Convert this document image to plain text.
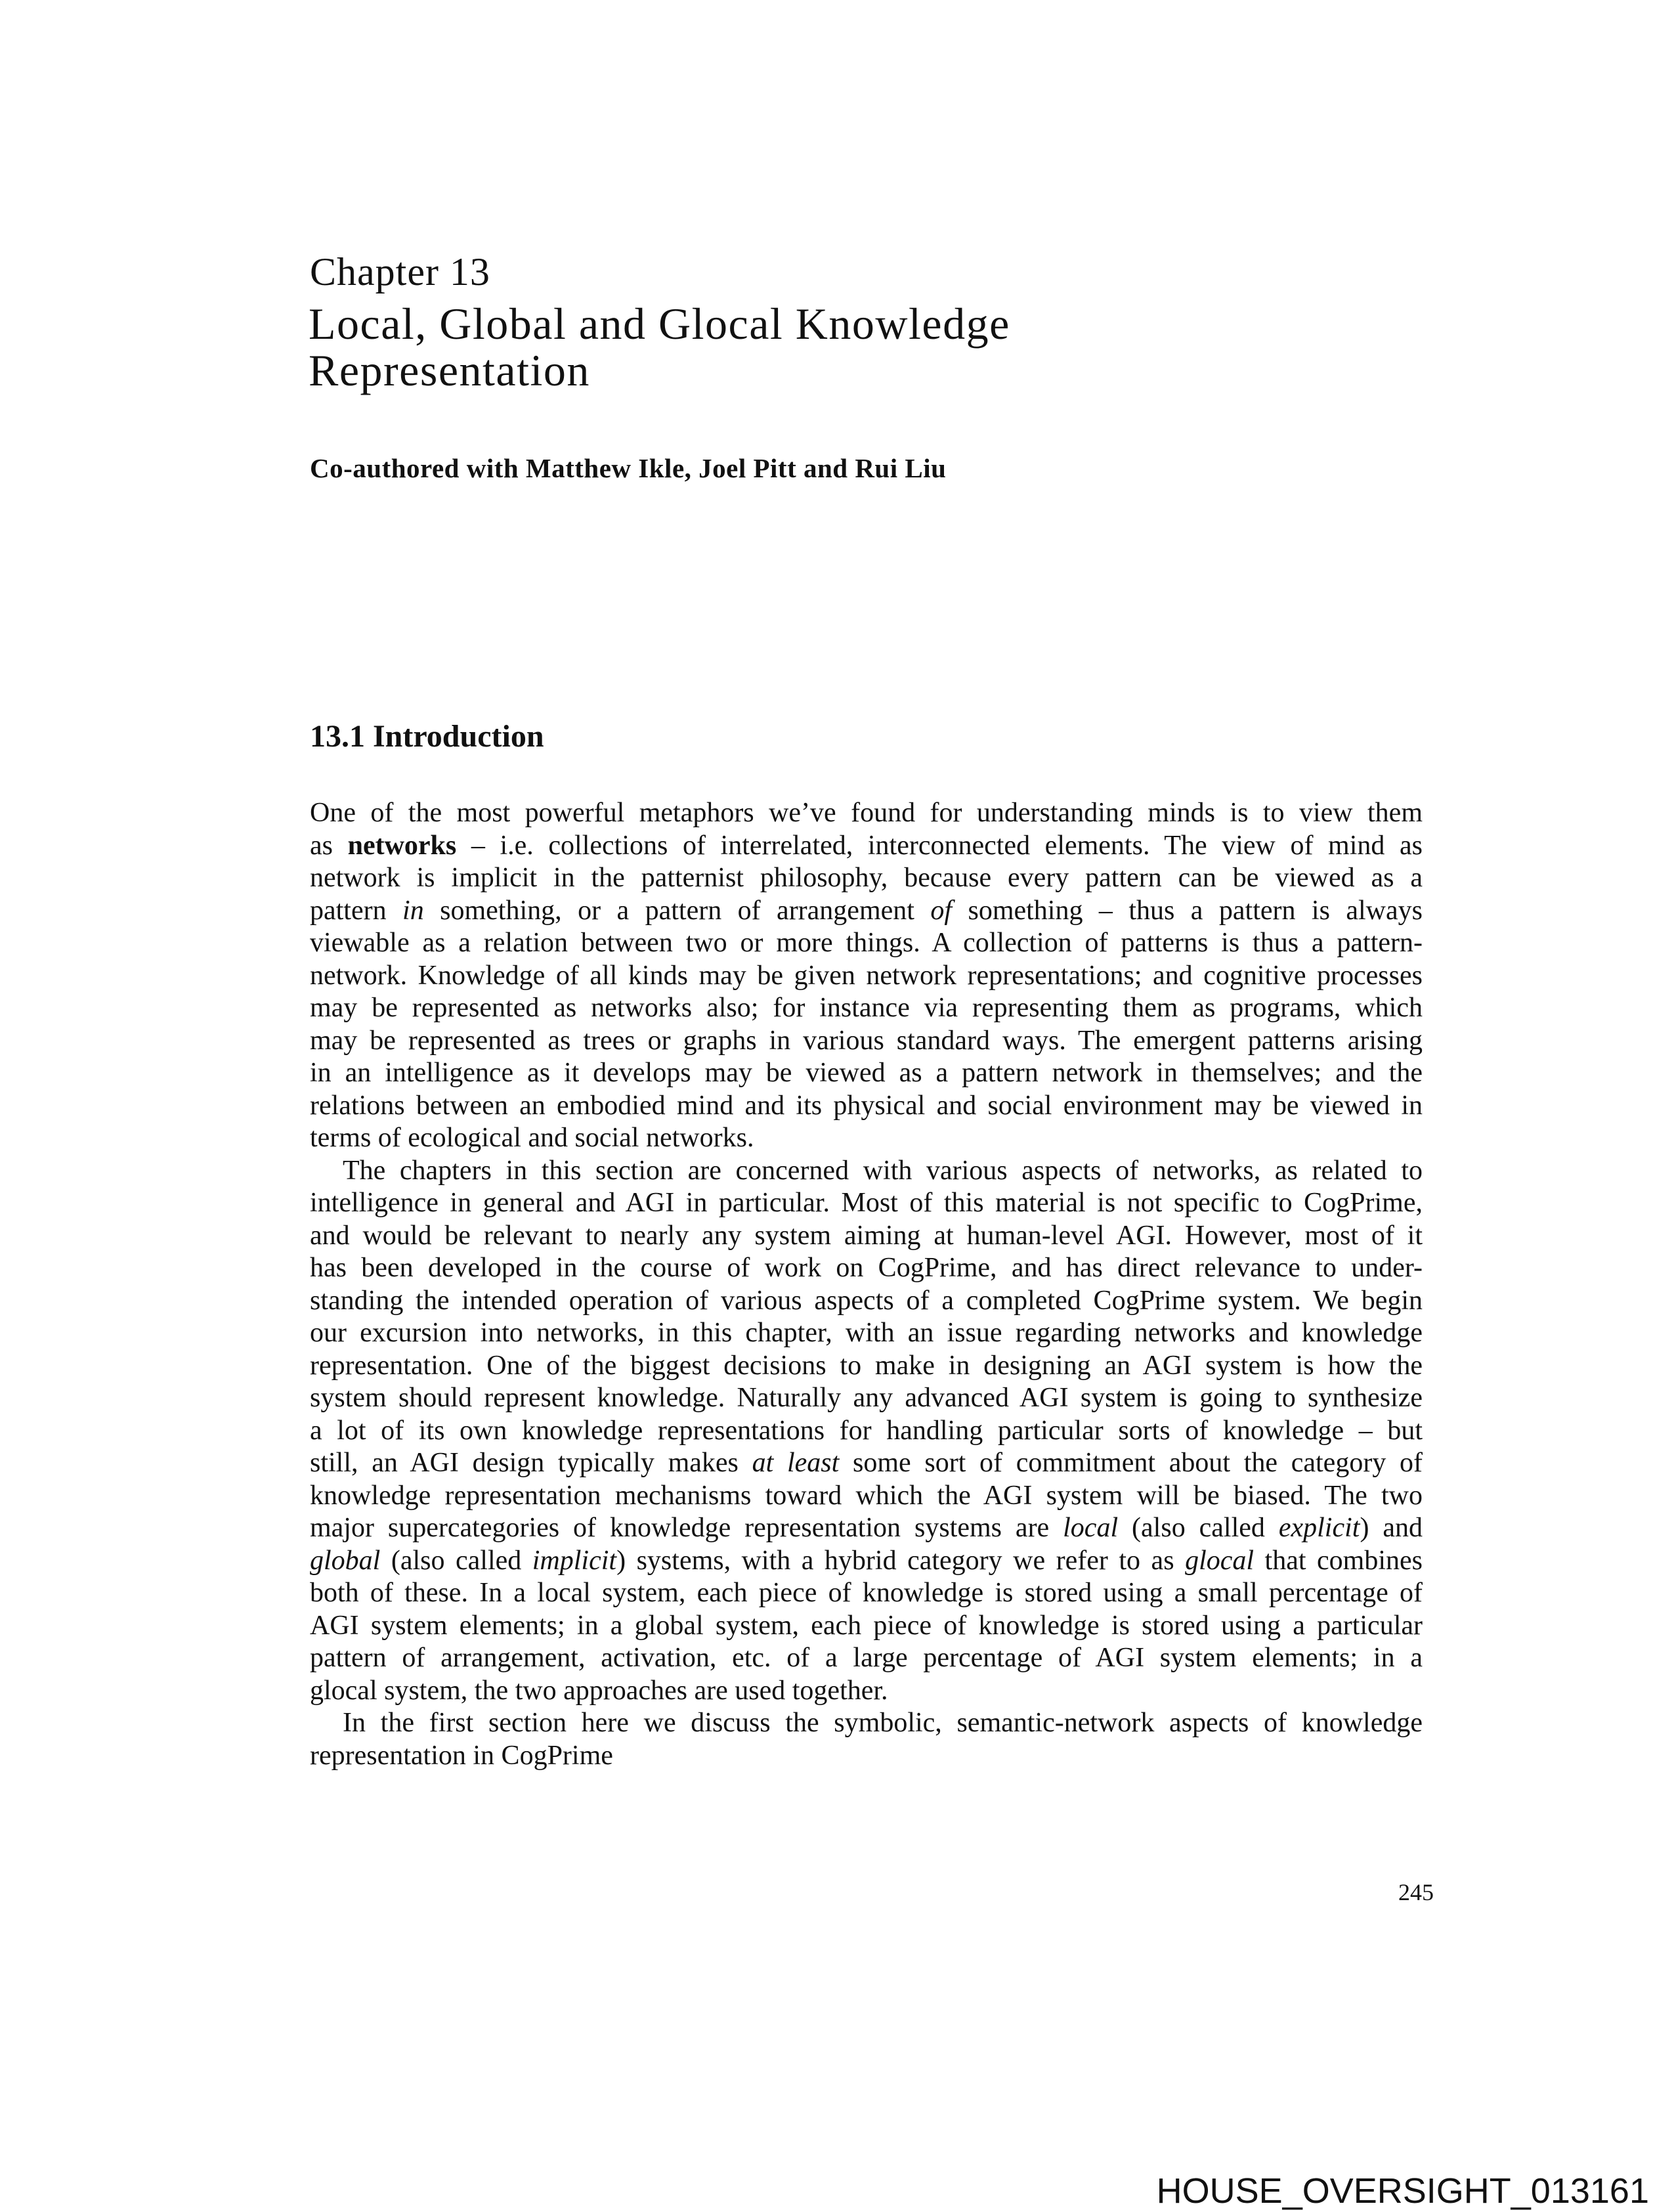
Chapter 13
Local, Global and Glocal Knowledge
Representation
Co-authored with Matthew Ikle, Joel Pitt and Rui Liu
13.1 Introduction
One of the most powerful metaphors we’ve found for understanding minds is to view them
as networks – i.e. collections of interrelated, interconnected elements. The view of mind as
network is implicit in the patternist philosophy, because every pattern can be viewed as a
pattern in something, or a pattern of arrangement of something – thus a pattern is always
viewable as a relation between two or more things. A collection of patterns is thus a pattern-
network. Knowledge of all kinds may be given network representations; and cognitive processes
may be represented as networks also; for instance via representing them as programs, which
may be represented as trees or graphs in various standard ways. The emergent patterns arising
in an intelligence as it develops may be viewed as a pattern network in themselves; and the
relations between an embodied mind and its physical and social environment may be viewed in
terms of ecological and social networks.
The chapters in this section are concerned with various aspects of networks, as related to
intelligence in general and AGI in particular. Most of this material is not specific to CogPrime,
and would be relevant to nearly any system aiming at human-level AGI. However, most of it
has been developed in the course of work on CogPrime, and has direct relevance to under-
standing the intended operation of various aspects of a completed CogPrime system. We begin
our excursion into networks, in this chapter, with an issue regarding networks and knowledge
representation. One of the biggest decisions to make in designing an AGI system is how the
system should represent knowledge. Naturally any advanced AGI system is going to synthesize
a lot of its own knowledge representations for handling particular sorts of knowledge – but
still, an AGI design typically makes at least some sort of commitment about the category of
knowledge representation mechanisms toward which the AGI system will be biased. The two
major supercategories of knowledge representation systems are local (also called explicit) and
global (also called implicit) systems, with a hybrid category we refer to as glocal that combines
both of these. In a local system, each piece of knowledge is stored using a small percentage of
AGI system elements; in a global system, each piece of knowledge is stored using a particular
pattern of arrangement, activation, etc. of a large percentage of AGI system elements; in a
glocal system, the two approaches are used together.
In the first section here we discuss the symbolic, semantic-network aspects of knowledge
representation in CogPrime
245
HOUSE_OVERSIGHT_013161
